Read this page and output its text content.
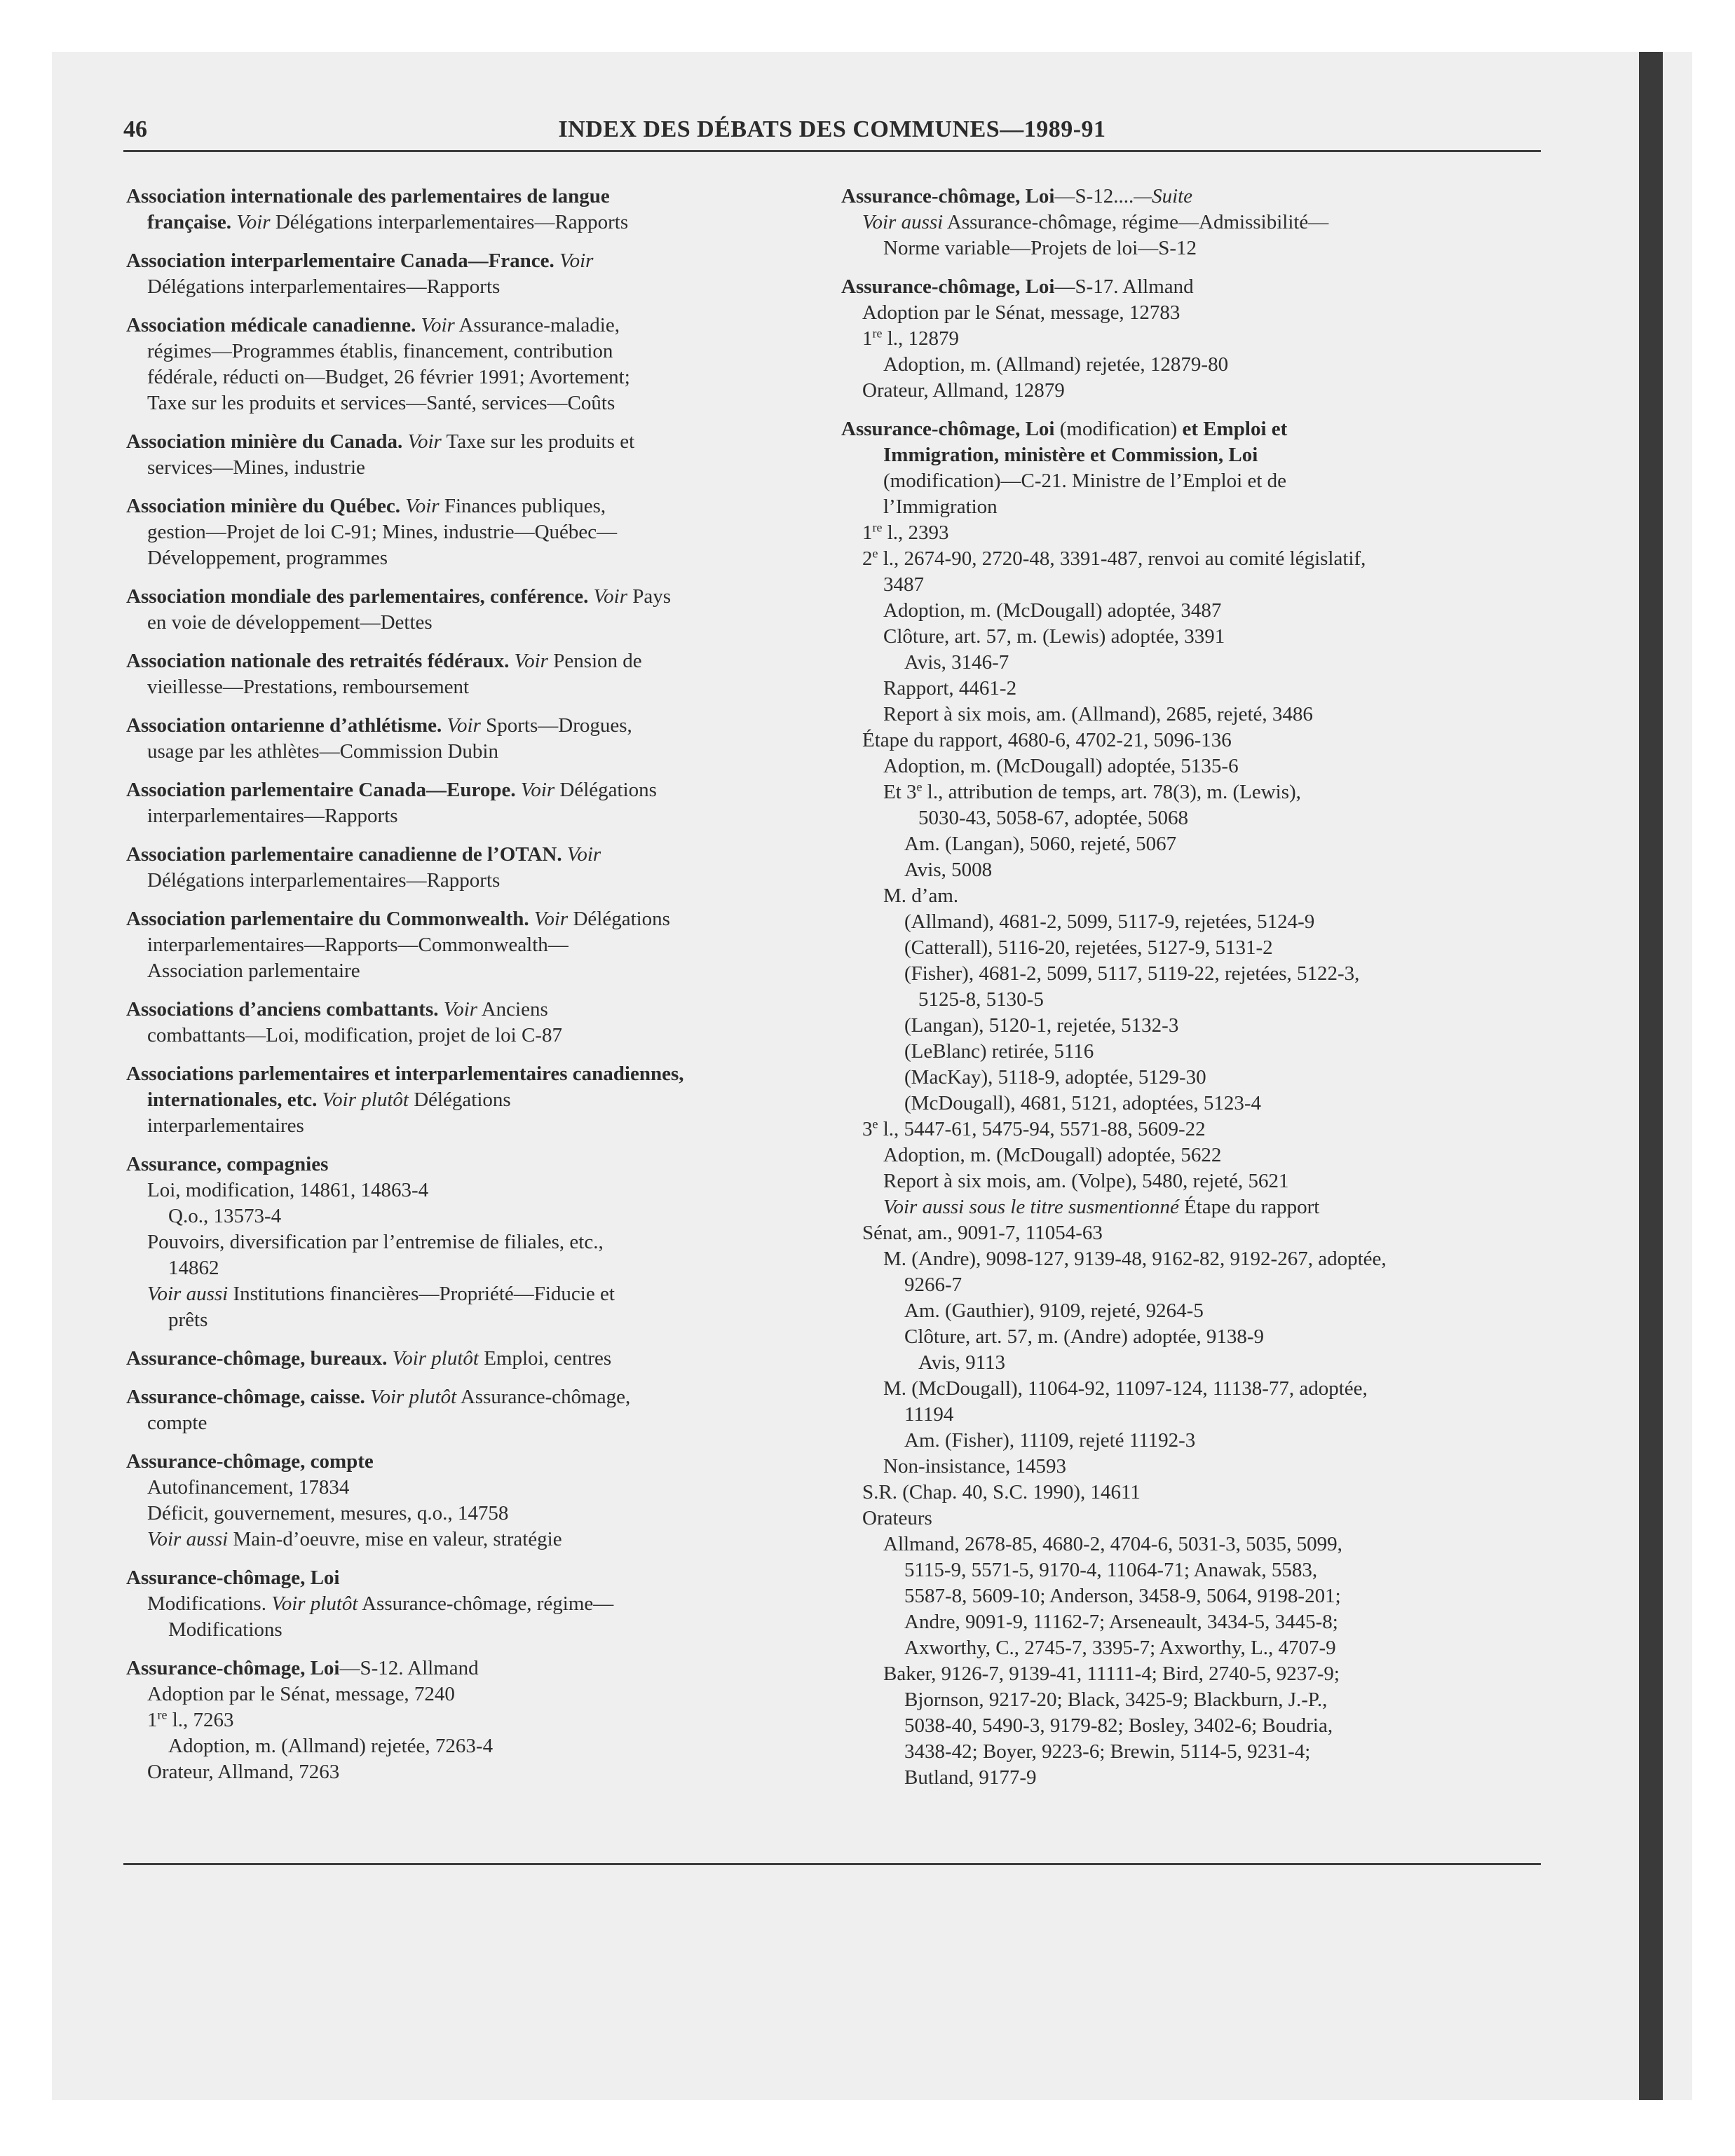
46	INDEX DES DÉBATS DES COMMUNES—1989-91
Association internationale des parlementaires de langue
française. Voir Délégations interparlementaires—Rapports
Association interparlementaire Canada—France. Voir
Délégations interparlementaires—Rapports
Association médicale canadienne. Voir Assurance-maladie,
régimes—Programmes établis, financement, contribution
fédérale, réducti on—Budget, 26 février 1991; Avortement;
Taxe sur les produits et services—Santé, services—Coûts
Association minière du Canada. Voir Taxe sur les produits et
services—Mines, industrie
Association minière du Québec. Voir Finances publiques,
gestion—Projet de loi C-91; Mines, industrie—Québec—
Développement, programmes
Association mondiale des parlementaires, conférence. Voir Pays
en voie de développement—Dettes
Association nationale des retraités fédéraux. Voir Pension de
vieillesse—Prestations, remboursement
Association ontarienne d’athlétisme. Voir Sports—Drogues,
usage par les athlètes—Commission Dubin
Association parlementaire Canada—Europe. Voir Délégations
interparlementaires—Rapports
Association parlementaire canadienne de l’OTAN. Voir
Délégations interparlementaires—Rapports
Association parlementaire du Commonwealth. Voir Délégations
interparlementaires—Rapports—Commonwealth—
Association parlementaire
Associations d’anciens combattants. Voir Anciens
combattants—Loi, modification, projet de loi C-87
Associations parlementaires et interparlementaires canadiennes,
internationales, etc. Voir plutôt Délégations
interparlementaires
Assurance, compagnies
Loi, modification, 14861, 14863-4
Q.o., 13573-4
Pouvoirs, diversification par l’entremise de filiales, etc.,
14862
Voir aussi Institutions financières—Propriété—Fiducie et
prêts
Assurance-chômage, bureaux. Voir plutôt Emploi, centres
Assurance-chômage, caisse. Voir plutôt Assurance-chômage,
compte
Assurance-chômage, compte
Autofinancement, 17834
Déficit, gouvernement, mesures, q.o., 14758
Voir aussi Main-d’oeuvre, mise en valeur, stratégie
Assurance-chômage, Loi
Modifications. Voir plutôt Assurance-chômage, régime—
Modifications
Assurance-chômage, Loi—S-12. Allmand
Adoption par le Sénat, message, 7240
1re l., 7263
Adoption, m. (Allmand) rejetée, 7263-4
Orateur, Allmand, 7263
Assurance-chômage, Loi—S-12....—Suite
Voir aussi Assurance-chômage, régime—Admissibilité—
Norme variable—Projets de loi—S-12
Assurance-chômage, Loi—S-17. Allmand
Adoption par le Sénat, message, 12783
1re l., 12879
Adoption, m. (Allmand) rejetée, 12879-80
Orateur, Allmand, 12879
Assurance-chômage, Loi (modification) et Emploi et
Immigration, ministère et Commission, Loi
(modification)—C-21. Ministre de l’Emploi et de
l’Immigration
1re l., 2393
2e l., 2674-90, 2720-48, 3391-487, renvoi au comité législatif,
3487
Adoption, m. (McDougall) adoptée, 3487
Clôture, art. 57, m. (Lewis) adoptée, 3391
Avis, 3146-7
Rapport, 4461-2
Report à six mois, am. (Allmand), 2685, rejeté, 3486
Étape du rapport, 4680-6, 4702-21, 5096-136
Adoption, m. (McDougall) adoptée, 5135-6
Et 3e l., attribution de temps, art. 78(3), m. (Lewis),
5030-43, 5058-67, adoptée, 5068
Am. (Langan), 5060, rejeté, 5067
Avis, 5008
M. d’am.
(Allmand), 4681-2, 5099, 5117-9, rejetées, 5124-9
(Catterall), 5116-20, rejetées, 5127-9, 5131-2
(Fisher), 4681-2, 5099, 5117, 5119-22, rejetées, 5122-3,
5125-8, 5130-5
(Langan), 5120-1, rejetée, 5132-3
(LeBlanc) retirée, 5116
(MacKay), 5118-9, adoptée, 5129-30
(McDougall), 4681, 5121, adoptées, 5123-4
3e l., 5447-61, 5475-94, 5571-88, 5609-22
Adoption, m. (McDougall) adoptée, 5622
Report à six mois, am. (Volpe), 5480, rejeté, 5621
Voir aussi sous le titre susmentionné Étape du rapport
Sénat, am., 9091-7, 11054-63
M. (Andre), 9098-127, 9139-48, 9162-82, 9192-267, adoptée,
9266-7
Am. (Gauthier), 9109, rejeté, 9264-5
Clôture, art. 57, m. (Andre) adoptée, 9138-9
Avis, 9113
M. (McDougall), 11064-92, 11097-124, 11138-77, adoptée,
11194
Am. (Fisher), 11109, rejeté 11192-3
Non-insistance, 14593
S.R. (Chap. 40, S.C. 1990), 14611
Orateurs
Allmand, 2678-85, 4680-2, 4704-6, 5031-3, 5035, 5099,
5115-9, 5571-5, 9170-4, 11064-71; Anawak, 5583,
5587-8, 5609-10; Anderson, 3458-9, 5064, 9198-201;
Andre, 9091-9, 11162-7; Arseneault, 3434-5, 3445-8;
Axworthy, C., 2745-7, 3395-7; Axworthy, L., 4707-9
Baker, 9126-7, 9139-41, 11111-4; Bird, 2740-5, 9237-9;
Bjornson, 9217-20; Black, 3425-9; Blackburn, J.-P.,
5038-40, 5490-3, 9179-82; Bosley, 3402-6; Boudria,
3438-42; Boyer, 9223-6; Brewin, 5114-5, 9231-4;
Butland, 9177-9
